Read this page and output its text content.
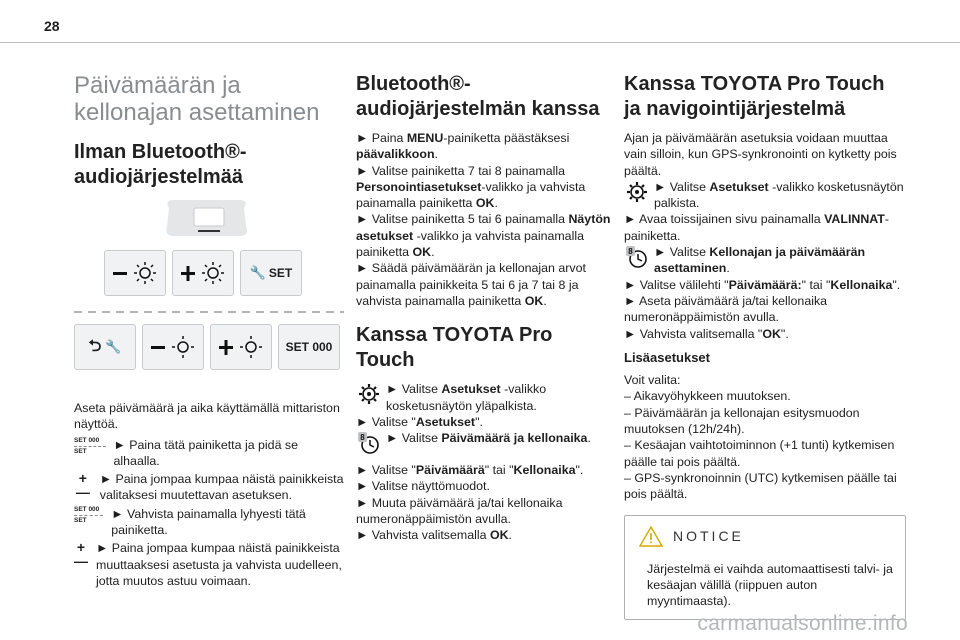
28
Päivämäärän ja
kellonajan asettaminen
Ilman Bluetooth®-
audiojärjestelmää
🔧 SET
⮌ 🔧	SET 000

Aseta päivämäärä ja aika käyttämällä mittariston näyttöä.

SET 000
SET	► Paina tätä painiketta ja pidä se alhaalla.
+
—
► Paina jompaa kumpaa näistä painikkeista valitaksesi muutettavan asetuksen.
SET 000
SET	► Vahvista painamalla lyhyesti tätä painiketta.
+
—
► Paina jompaa kumpaa näistä painikkeista muuttaaksesi asetusta ja vahvista uudelleen, jotta muutos astuu voimaan.
Bluetooth®-
audiojärjestelmän kanssa

► Paina MENU-painiketta päästäksesi päävalikkoon.

► Valitse painiketta 7 tai 8 painamalla Personointiasetukset-valikko ja vahvista painamalla painiketta OK.

► Valitse painiketta 5 tai 6 painamalla Näytön asetukset -valikko ja vahvista painamalla painiketta OK.

► Säädä päivämäärän ja kellonajan arvot painamalla painikkeita 5 tai 6 ja 7 tai 8 ja vahvista painamalla painiketta OK.

Kanssa TOYOTA Pro Touch
► Valitse Asetukset -valikko kosketusnäytön yläpalkista.

► Valitse "Asetukset".

8 ► Valitse Päivämäärä ja kellonaika.

► Valitse "Päivämäärä" tai "Kellonaika".

► Valitse näyttömuodot.

► Muuta päivämäärä ja/tai kellonaika numeronäppäimistön avulla.

► Vahvista valitsemalla OK.

Kanssa TOYOTA Pro Touch
ja navigointijärjestelmä

Ajan ja päivämäärän asetuksia voidaan muuttaa vain silloin, kun GPS-synkronointi on kytketty pois päältä.

► Valitse Asetukset -valikko kosketusnäytön palkista.

► Avaa toissijainen sivu painamalla VALINNAT-painiketta.

8 ► Valitse Kellonajan ja päivämäärän asettaminen.

► Valitse välilehti "Päivämäärä:" tai "Kellonaika".

► Aseta päivämäärä ja/tai kellonaika numeronäppäimistön avulla.

► Vahvista valitsemalla "OK".

Lisäasetukset

Voit valita:

– Aikavyöhykkeen muutoksen.

– Päivämäärän ja kellonajan esitysmuodon muutoksen (12h/24h).

– Kesäajan vaihtotoiminnon (+1 tunti) kytkemisen päälle tai pois päältä.

– GPS-synkronoinnin (UTC) kytkemisen päälle tai pois päältä.

NOTICE

Järjestelmä ei vaihda automaattisesti talvi- ja kesäajan välillä (riippuen auton myyntimaasta).

carmanualsonline.info
